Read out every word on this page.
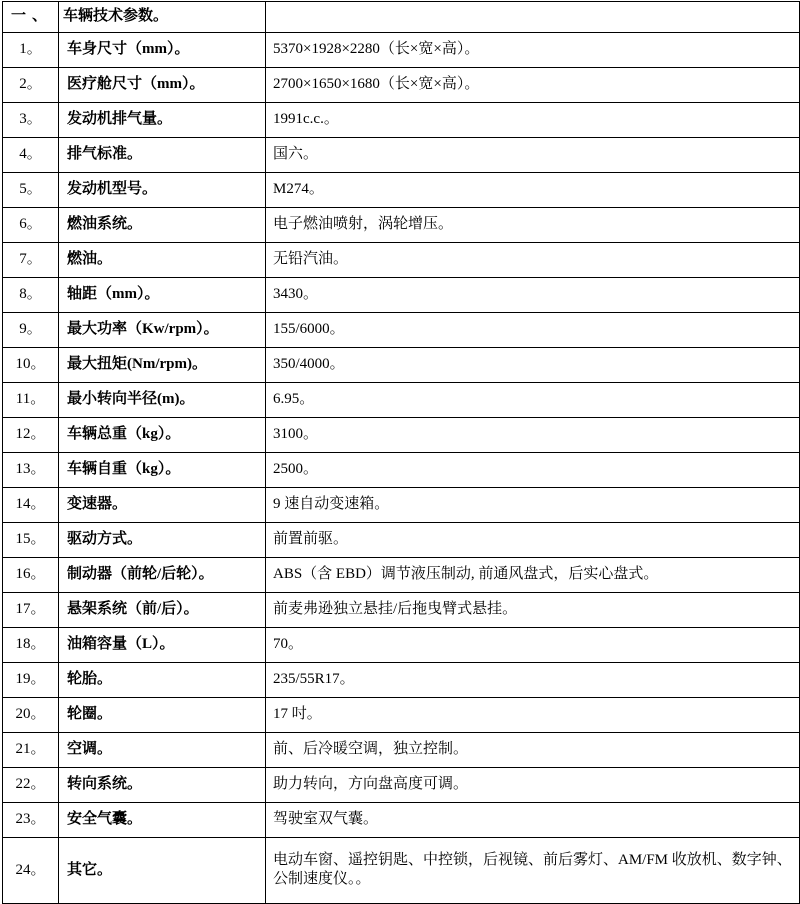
一、	车辆技术参数。	
1。	车身尺寸（mm）。	5370×1928×2280（长×宽×高）。
2。	医疗舱尺寸（mm）。	2700×1650×1680（长×宽×高）。
3。	发动机排气量。	1991c.c.。
4。	排气标准。	国六。
5。	发动机型号。	M274。
6。	燃油系统。	电子燃油喷射，涡轮增压。
7。	燃油。	无铅汽油。
8。	轴距（mm）。	3430。
9。	最大功率（Kw/rpm）。	155/6000。
10。	最大扭矩(Nm/rpm)。	350/4000。
11。	最小转向半径(m)。	6.95。
12。	车辆总重（kg）。	3100。
13。	车辆自重（kg）。	2500。
14。	变速器。	9 速自动变速箱。
15。	驱动方式。	前置前驱。
16。	制动器（前轮/后轮）。	ABS（含 EBD）调节液压制动, 前通风盘式，后实心盘式。
17。	悬架系统（前/后）。	前麦弗逊独立悬挂/后拖曳臂式悬挂。
18。	油箱容量（L）。	70。
19。	轮胎。	235/55R17。
20。	轮圈。	17 吋。
21。	空调。	前、后冷暖空调，独立控制。
22。	转向系统。	助力转向，方向盘高度可调。
23。	安全气囊。	驾驶室双气囊。
24。	其它。	电动车窗、遥控钥匙、中控锁，后视镜、前后雾灯、AM/FM 收放机、数字钟、公制速度仪。。
